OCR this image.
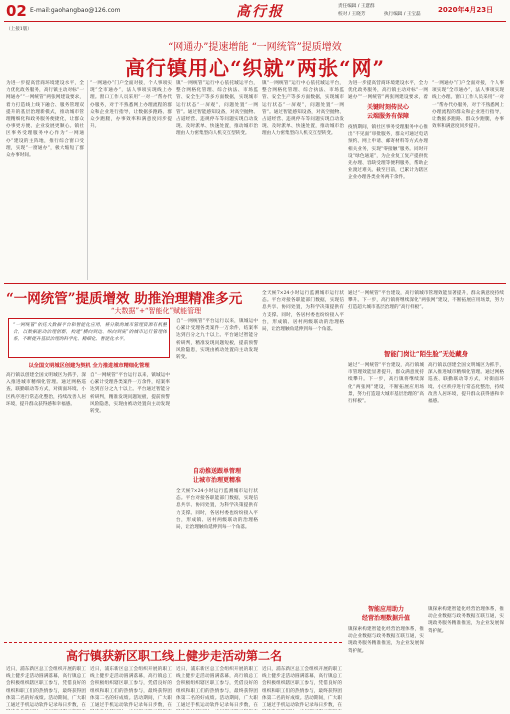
02 E-mail:gaohangbao@126.com	高行报	责任编辑 / 王薏群
校对 / 王晓芳	执行编辑 / 王宝磊
2020年4月23日
（上接1版）
“网通办”提速增能 “一网统管”提质增效
高行镇用心“织就”两张“网”
为进一步提高营商环境建设水平，全力优化政务服务，高行镇主动对标“一网通办”“一网统管”两张网建设要求，着力打造线上线下融合、服务管理双提升的基层治理新模式，推动城市管理精细化和政务服务便捷化，让群众办事更方便、企业发展更顺心。镇社区事务受理服务中心作为“一网通办”建设的主阵地，推行综合窗口受理，实现“一窗通办”，极大缩短了群众办事时间。
“一网通办”门户全面对接，个人事项实现“全市通办”，法人事项实现线上办理。窗口工作人员采用“一对一”帮办代办服务，对于不熟悉网上办理流程的群众和企业进行指导，让数据多跑路、群众少跑腿，办事效率和满意度同步提升。
镇“一网统管”运行中心依托城运平台，整合网格化管理、综合执法、市场监管、安全生产等多方面数据，实现城市运行状态“一屏观”，问题处置“一网管”。通过智能感知设备，对高空抛物、占道经营、违规停车等问题实现自动发现、及时派单、快速处置，推动城市治理由人力密集型向人机交互型转变。
镇“一网统管”运行中心依托城运平台，整合网格化管理、综合执法、市场监管、安全生产等多方面数据，实现城市运行状态“一屏观”，问题处置“一网管”。通过智能感知设备，对高空抛物、占道经营、违规停车等问题实现自动发现、及时派单、快速处置，推动城市治理由人力密集型向人机交互型转变。
为进一步提高营商环境建设水平，全力优化政务服务，高行镇主动对标“一网通办”“一网统管”两张网建设要求，着
关键时刻传民心
云端服务有保障
疫情期间，镇社区事务受理服务中心推出“不见面”审批服务，群众可通过电话预约、网上申请、邮寄材料等方式办理相关业务，实现“零接触”服务。同时开设“绿色通道”，为企业复工复产提供优先办理、容缺受理等便利服务，帮助企业渡过难关。截至目前，已累计为辖区企业办理各类业务两千余件。
“一网通办”门户全面对接，个人事项实现“全市通办”，法人事项实现线上办理。窗口工作人员采用“一对一”帮办代办服务，对于不熟悉网上办理流程的群众和企业进行指导，让数据多跑路、群众少跑腿，办事效率和满意度同步提升。
“一网统管”提质增效 助推治理精准多元
“大数据”+“智能化”赋能管理
“一网统管”依托大数据平台和智能化应用，将分散的城市管理资源有机整合，以数据驱动治理创新，构建“横向到边、纵向到底”的城市运行管理体系，不断提升基层治理的科学化、精细化、智能化水平。
以全国文明城区创建为契机 全力推进城市精细化管理
高行镇以创建全国文明城区为抓手，深入推进城市精细化管理。通过网格巡查、联勤联动等方式，对街面环境、小区秩序进行常态化整治，持续改善人居环境，提升群众获得感和幸福感。
自“一网统管”平台运行以来，镇城运中心累计受理各类案件一万余件，结案率达到百分之九十以上。平台通过智能分析研判，精准发现问题短板，提前预警风险隐患，实现由被动处置向主动发现转变。
自“一网统管”平台运行以来，镇城运中心累计受理各类案件一万余件，结案率达到百分之九十以上。平台通过智能分析研判，精准发现问题短板，提前预警风险隐患，实现由被动处置向主动发现转变。
自动推送跟单管理
让城市治理更精准
全天候7×24小时运行监测城市运行状态。平台对接各职能部门数据，实现信息共享、协同处置，为科学决策提供有力支撑。同时，各居村委也纷纷接入平台，形成镇、居村两级联动的治理格局，让治理触角延伸到每一个角落。
全天候7×24小时运行监测城市运行状态。平台对接各职能部门数据，实现信息共享、协同处置，为科学决策提供有力支撑。同时，各居村委也纷纷接入平台，形成镇、居村两级联动的治理格局，让治理触角延伸到每一个角落。
通过“一网统管”平台建设，高行镇城市管理效能显著提升，群众满意度持续攀升。下一步，高行镇将继续深化“两张网”建设，不断拓展应用场景，努力打造超大城市基层治理的“高行样板”。
智能门岗让“陌生脸”无处藏身
通过“一网统管”平台建设，高行镇城市管理效能显著提升，群众满意度持续攀升。下一步，高行镇将继续深化“两张网”建设，不断拓展应用场景，努力打造超大城市基层治理的“高行样板”。
高行镇以创建全国文明城区为抓手，深入推进城市精细化管理。通过网格巡查、联勤联动等方式，对街面环境、小区秩序进行常态化整治，持续改善人居环境，提升群众获得感和幸福感。
智能应用助力
经营治理数据升值
镇探索构建智能化经营治理体系，推动企业数据与政务数据互联互通，实现政务服务精准推送，为企业发展保驾护航。
镇探索构建智能化经营治理体系，推动企业数据与政务数据互联互通，实现政务服务精准推送，为企业发展保驾护航。
高行镇获新区职工线上健步走活动第二名
近日，浦东新区总工会组织开展的职工线上健步走活动圆满落幕，高行镇总工会积极组织辖区职工参与，凭借良好的组织和职工们的热情参与，最终获得团体第二名的好成绩。活动期间，广大职工通过手机运动软件记录每日步数，在
近日，浦东新区总工会组织开展的职工线上健步走活动圆满落幕，高行镇总工会积极组织辖区职工参与，凭借良好的组织和职工们的热情参与，最终获得团体第二名的好成绩。活动期间，广大职工通过手机运动软件记录每日步数，在
近日，浦东新区总工会组织开展的职工线上健步走活动圆满落幕，高行镇总工会积极组织辖区职工参与，凭借良好的组织和职工们的热情参与，最终获得团体第二名的好成绩。活动期间，广大职工通过手机运动软件记录每日步数，在
近日，浦东新区总工会组织开展的职工线上健步走活动圆满落幕，高行镇总工会积极组织辖区职工参与，凭借良好的组织和职工们的热情参与，最终获得团体第二名的好成绩。活动期间，广大职工通过手机运动软件记录每日步数，在
